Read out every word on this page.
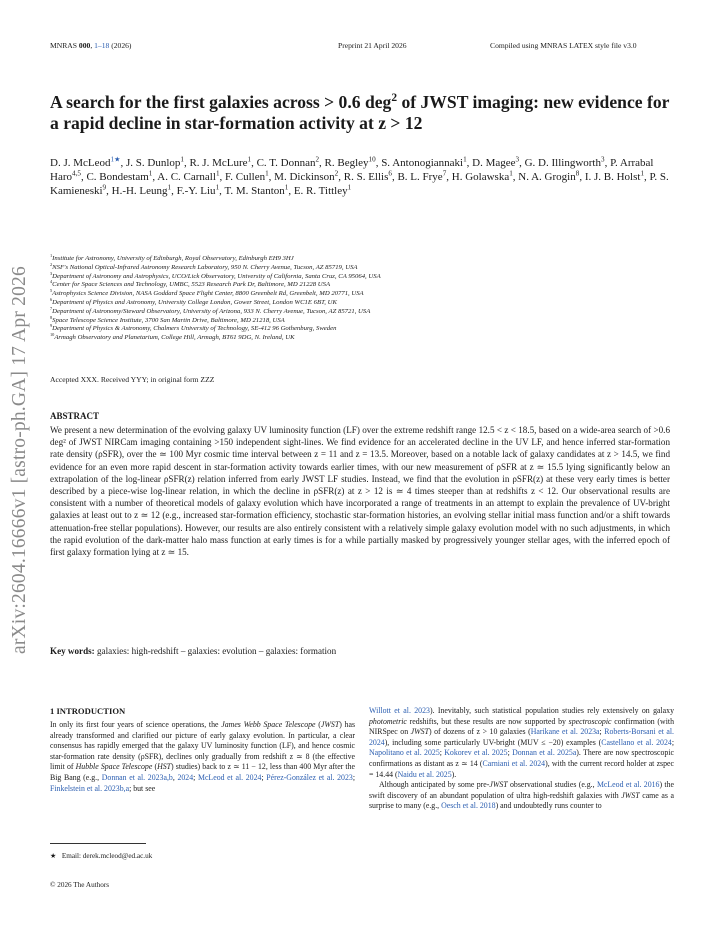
MNRAS 000, 1–18 (2026)	Preprint 21 April 2026	Compiled using MNRAS LATEX style file v3.0
arXiv:2604.16666v1 [astro-ph.GA] 17 Apr 2026
A search for the first galaxies across > 0.6 deg$^2$ of JWST imaging: new evidence for a rapid decline in star-formation activity at z > 12
D. J. McLeod$^{1★}$, J. S. Dunlop$^1$, R. J. McLure$^1$, C. T. Donnan$^2$, R. Begley$^{10}$, S. Antonogiannaki$^1$, D. Magee$^3$, G. D. Illingworth$^3$, P. Arrabal Haro$^{4,5}$, C. Bondestam$^1$, A. C. Carnall$^1$, F. Cullen$^1$, M. Dickinson$^2$, R. S. Ellis$^6$, B. L. Frye$^7$, H. Golawska$^1$, N. A. Grogin$^8$, I. J. B. Holst$^1$, P. S. Kamieneski$^9$, H.-H. Leung$^1$, F.-Y. Liu$^1$, T. M. Stanton$^1$, E. R. Tittley$^1$
$^1$Institute for Astronomy, University of Edinburgh, Royal Observatory, Edinburgh EH9 3HJ
$^2$NSF's National Optical-Infrared Astronomy Research Laboratory, 950 N. Cherry Avenue, Tucson, AZ 85719, USA
$^3$Department of Astronomy and Astrophysics, UCO/Lick Observatory, University of California, Santa Cruz, CA 95064, USA
$^4$Center for Space Sciences and Technology, UMBC, 5523 Research Park Dr, Baltimore, MD 21228 USA
$^5$Astrophysics Science Division, NASA Goddard Space Flight Center, 8800 Greenbelt Rd, Greenbelt, MD 20771, USA
$^6$Department of Physics and Astronomy, University College London, Gower Street, London WC1E 6BT, UK
$^7$Department of Astronomy/Steward Observatory, University of Arizona, 933 N. Cherry Avenue, Tucson, AZ 85721, USA
$^8$Space Telescope Science Institute, 3700 San Martin Drive, Baltimore, MD 21218, USA
$^9$Department of Physics & Astronomy, Chalmers University of Technology, SE-412 96 Gothenburg, Sweden
$^{10}$Armagh Observatory and Planetarium, College Hill, Armagh, BT61 9DG, N. Ireland, UK
Accepted XXX. Received YYY; in original form ZZZ
ABSTRACT
We present a new determination of the evolving galaxy UV luminosity function (LF) over the extreme redshift range 12.5 < z < 18.5, based on a wide-area search of >0.6 deg² of JWST NIRCam imaging containing >150 independent sight-lines. We find evidence for an accelerated decline in the UV LF, and hence inferred star-formation rate density (ρSFR), over the ≃ 100 Myr cosmic time interval between z = 11 and z = 13.5. Moreover, based on a notable lack of galaxy candidates at z > 14.5, we find evidence for an even more rapid descent in star-formation activity towards earlier times, with our new measurement of ρSFR at z ≃ 15.5 lying significantly below an extrapolation of the log-linear ρSFR(z) relation inferred from early JWST LF studies. Instead, we find that the evolution in ρSFR(z) at these very early times is better described by a piece-wise log-linear relation, in which the decline in ρSFR(z) at z > 12 is ≃ 4 times steeper than at redshifts z < 12. Our observational results are consistent with a number of theoretical models of galaxy evolution which have incorporated a range of treatments in an attempt to explain the prevalence of UV-bright galaxies at least out to z ≃ 12 (e.g., increased star-formation efficiency, stochastic star-formation histories, an evolving stellar initial mass function and/or a shift towards attenuation-free stellar populations). However, our results are also entirely consistent with a relatively simple galaxy evolution model with no such adjustments, in which the rapid evolution of the dark-matter halo mass function at early times is for a while partially masked by progressively younger stellar ages, with the inferred epoch of first galaxy formation lying at z ≃ 15.
Key words: galaxies: high-redshift – galaxies: evolution – galaxies: formation
1 INTRODUCTION
In only its first four years of science operations, the James Webb Space Telescope (JWST) has already transformed and clarified our picture of early galaxy evolution. In particular, a clear consensus has rapidly emerged that the galaxy UV luminosity function (LF), and hence cosmic star-formation rate density (ρSFR), declines only gradually from redshift z ≃ 8 (the effective limit of Hubble Space Telescope (HST) studies) back to z ≃ 11 − 12, less than 400 Myr after the Big Bang (e.g., Donnan et al. 2023a,b, 2024; McLeod et al. 2024; Pérez-González et al. 2023; Finkelstein et al. 2023b,a; but see

Willott et al. 2023). Inevitably, such statistical population studies rely extensively on galaxy photometric redshifts, but these results are now supported by spectroscopic confirmation (with NIRSpec on JWST) of dozens of z > 10 galaxies (Harikane et al. 2023a; Roberts-Borsani et al. 2024), including some particularly UV-bright (MUV ≤ −20) examples (Castellano et al. 2024; Napolitano et al. 2025; Kokorev et al. 2025; Donnan et al. 2025a). There are now spectroscopic confirmations as distant as z ≃ 14 (Carniani et al. 2024), with the current record holder at zspec = 14.44 (Naidu et al. 2025).

Although anticipated by some pre-JWST observational studies (e.g., McLeod et al. 2016) the swift discovery of an abundant population of ultra high-redshift galaxies with JWST came as a surprise to many (e.g., Oesch et al. 2018) and undoubtedly runs counter to

★ Email: derek.mcleod@ed.ac.uk
© 2026 The Authors
